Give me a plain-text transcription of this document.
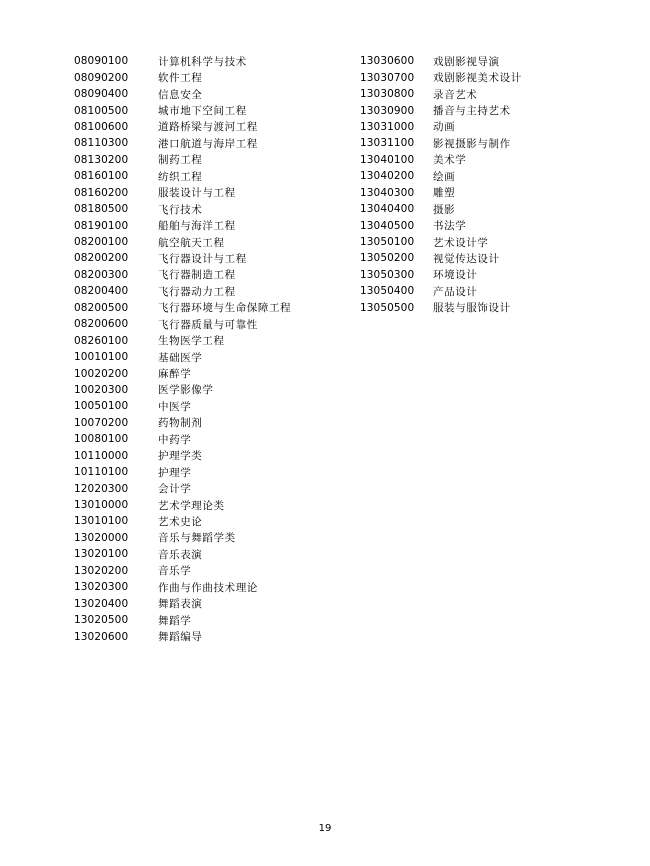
08090100	计算机科学与技术
08090200	软件工程
08090400	信息安全
08100500	城市地下空间工程
08100600	道路桥梁与渡河工程
08110300	港口航道与海岸工程
08130200	制药工程
08160100	纺织工程
08160200	服装设计与工程
08180500	飞行技术
08190100	船舶与海洋工程
08200100	航空航天工程
08200200	飞行器设计与工程
08200300	飞行器制造工程
08200400	飞行器动力工程
08200500	飞行器环境与生命保障工程
08200600	飞行器质量与可靠性
08260100	生物医学工程
10010100	基础医学
10020200	麻醉学
10020300	医学影像学
10050100	中医学
10070200	药物制剂
10080100	中药学
10110000	护理学类
10110100	护理学
12020300	会计学
13010000	艺术学理论类
13010100	艺术史论
13020000	音乐与舞蹈学类
13020100	音乐表演
13020200	音乐学
13020300	作曲与作曲技术理论
13020400	舞蹈表演
13020500	舞蹈学
13020600	舞蹈编导
13030600	戏剧影视导演
13030700	戏剧影视美术设计
13030800	录音艺术
13030900	播音与主持艺术
13031000	动画
13031100	影视摄影与制作
13040100	美术学
13040200	绘画
13040300	雕塑
13040400	摄影
13040500	书法学
13050100	艺术设计学
13050200	视觉传达设计
13050300	环境设计
13050400	产品设计
13050500	服装与服饰设计
19
